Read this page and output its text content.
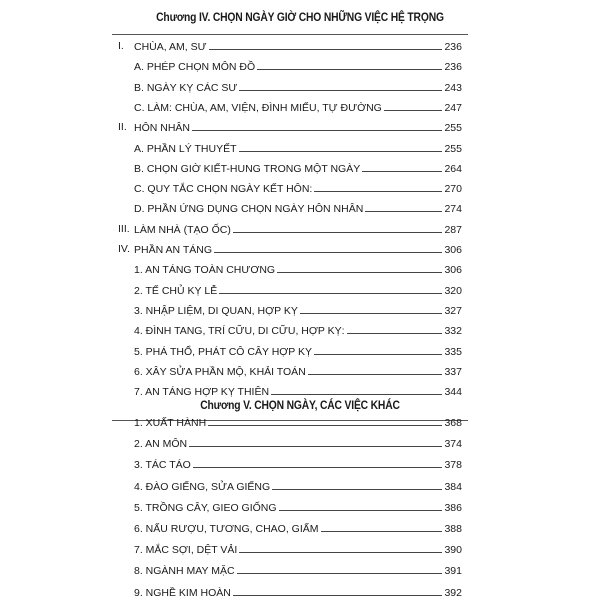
Chương IV. CHỌN NGÀY GIỜ CHO NHỮNG VIỆC HỆ TRỌNG
I. CHÙA, AM, SƯ	236
A. PHÉP CHỌN MÔN ĐỒ	236
B. NGÀY KỴ CÁC SƯ	243
C. LÀM: CHÙA, AM, VIỆN, ĐÌNH MIẾU, TỰ ĐƯỜNG	247
II. HÔN NHÂN	255
A. PHẦN LÝ THUYẾT	255
B. CHỌN GIỜ KIẾT-HUNG TRONG MỘT NGÀY	264
C. QUY TẮC CHỌN NGÀY KẾT HÔN:	270
D. PHẦN ỨNG DỤNG CHỌN NGÀY HÔN NHÂN	274
III. LÀM NHÀ (TẠO ỐC)	287
IV. PHẦN AN TÁNG	306
1. AN TÁNG TOÀN CHƯƠNG	306
2. TẾ CHỦ KỴ LỄ	320
3. NHẬP LIỆM, DI QUAN, HỢP KỴ	327
4. ĐÌNH TANG, TRÍ CỮU, DI CỮU, HỢP KỴ:	332
5. PHÁ THỔ, PHÁT CÔ CÂY HỢP KỴ	335
6. XÂY SỬA PHẦN MỘ, KHẢI TOÁN	337
7. AN TÁNG HỢP KỴ THIÊN	344
Chương V. CHỌN NGÀY, CÁC VIỆC KHÁC
1. XUẤT HÀNH	368
2. AN MÔN	374
3. TÁC TÁO	378
4. ĐÀO GIẾNG, SỬA GIẾNG	384
5. TRỒNG CÂY, GIEO GIỐNG	386
6. NẤU RƯỢU, TƯƠNG, CHAO, GIẤM	388
7. MẮC SỢI, DỆT VẢI	390
8. NGÀNH MAY MẶC	391
9. NGHỀ KIM HOÀN	392
